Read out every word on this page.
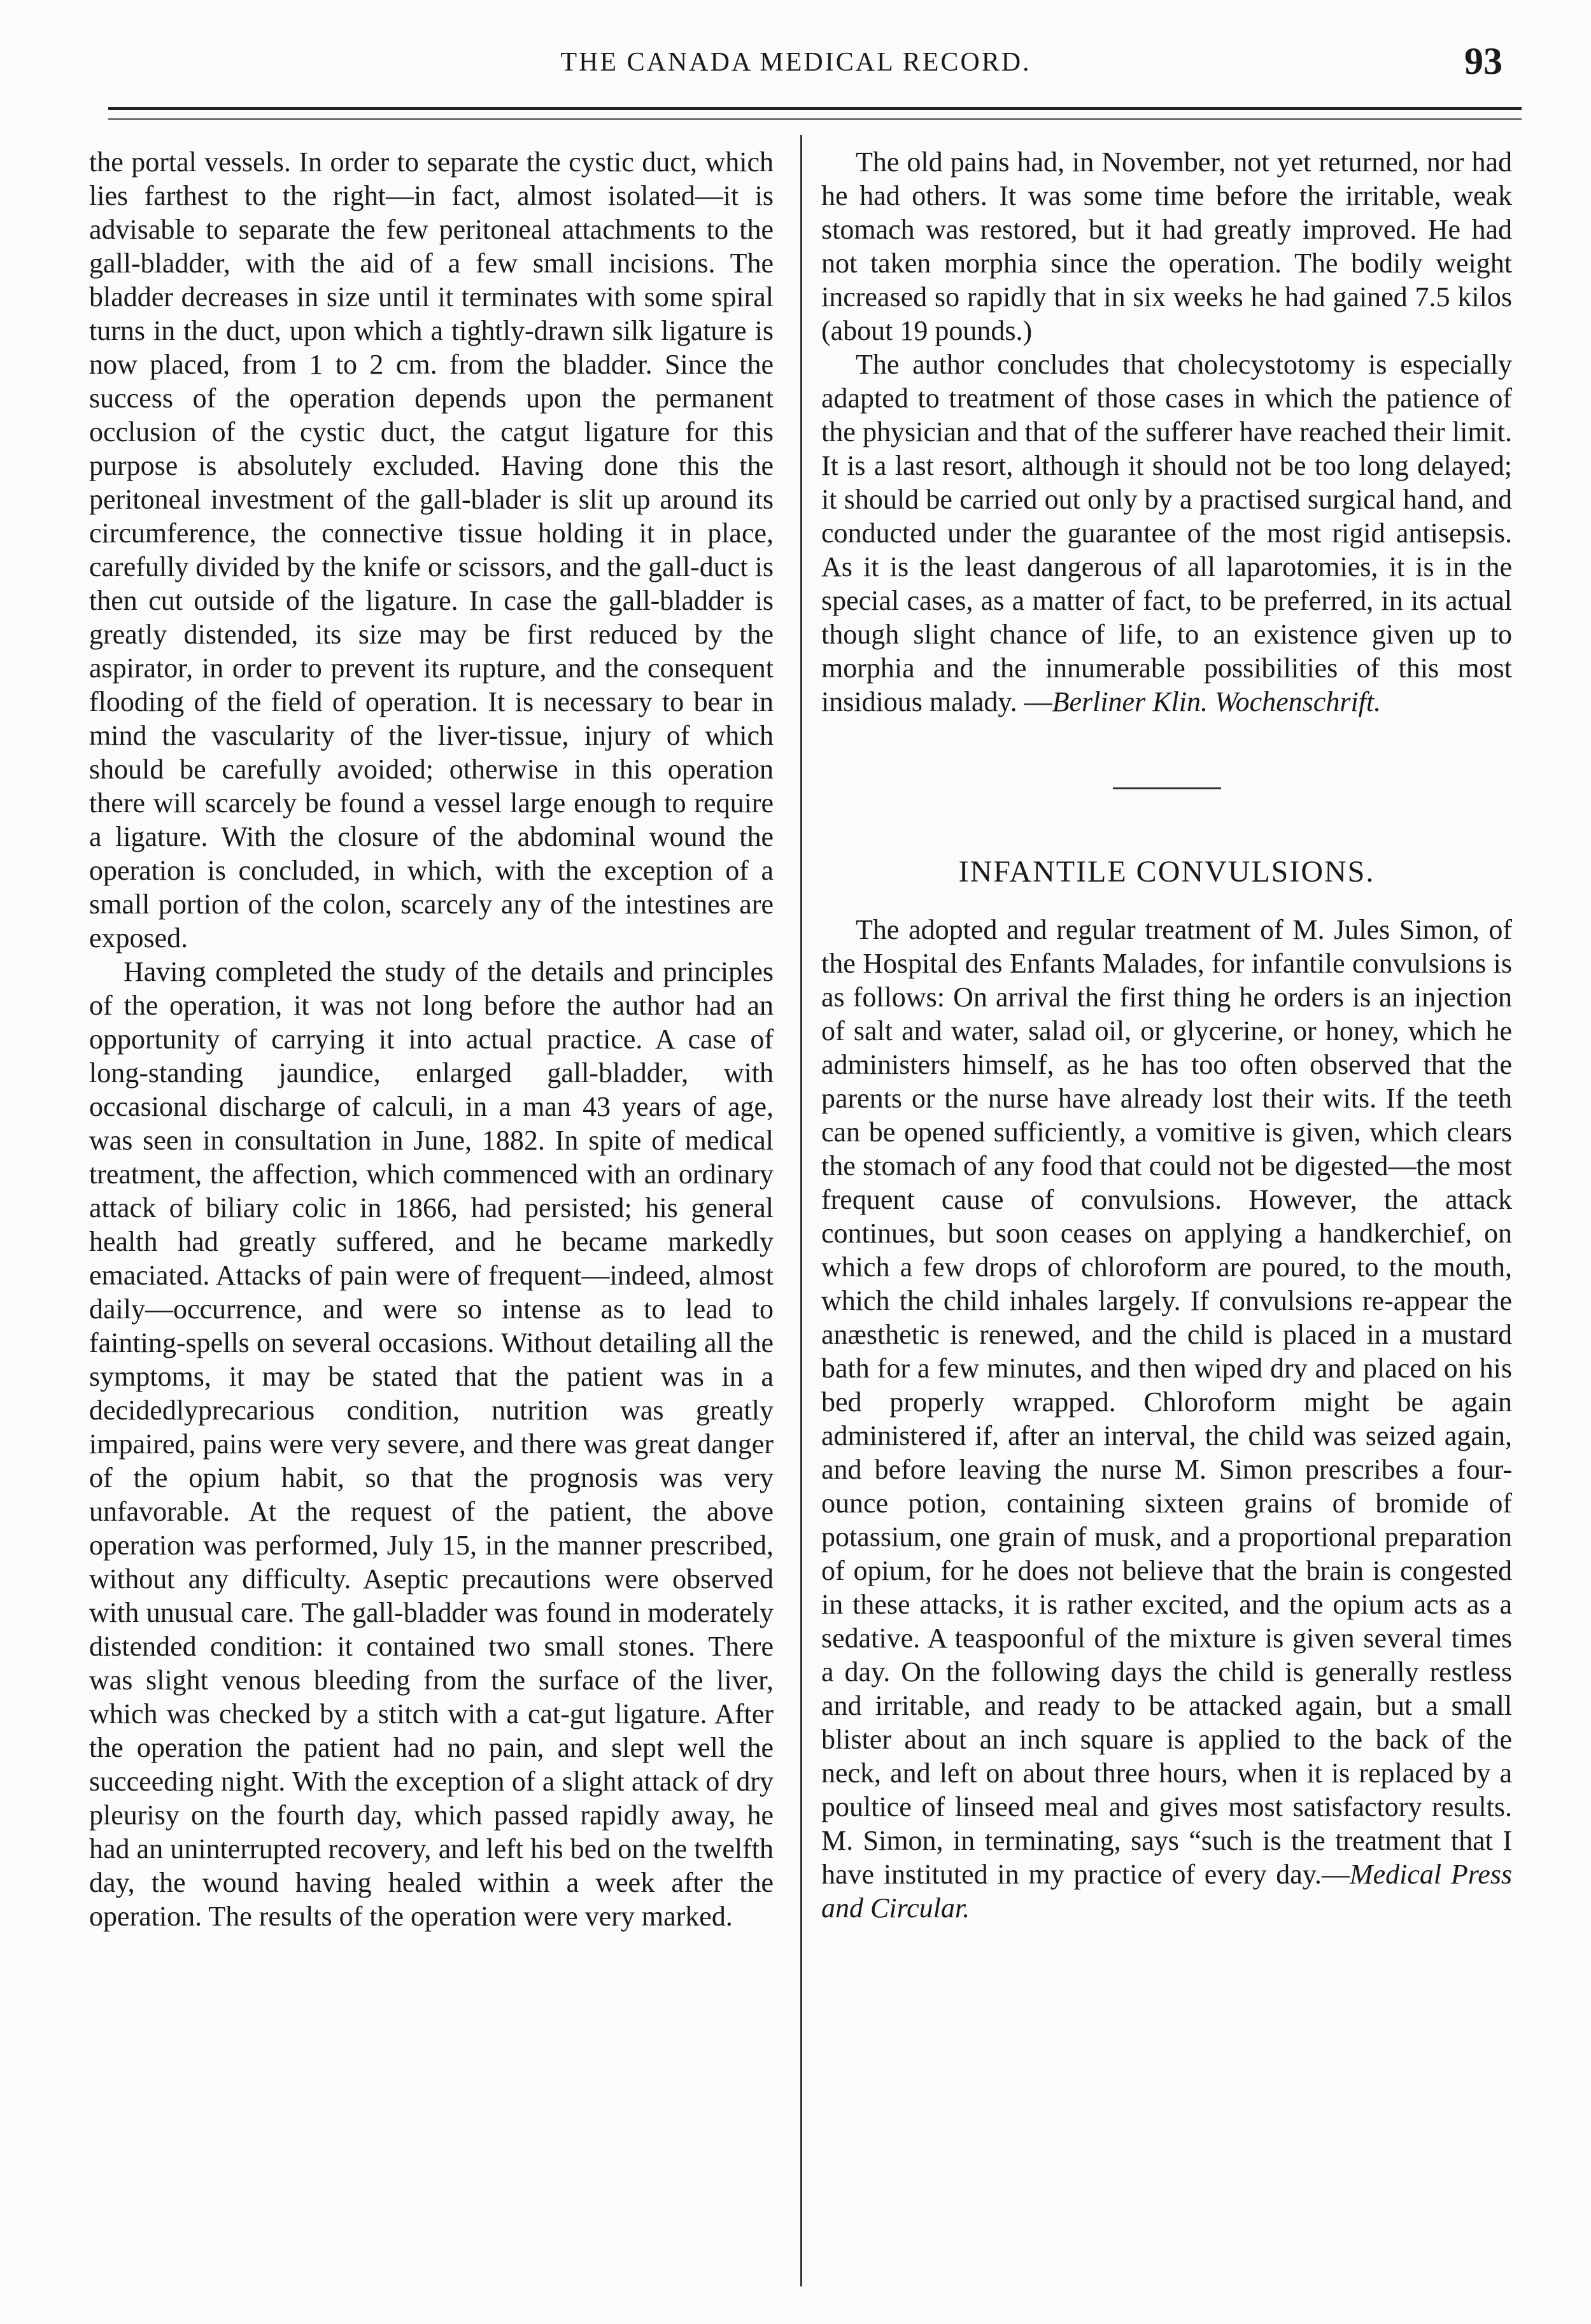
THE CANADA MEDICAL RECORD.	93

the portal vessels. In order to separate the cystic duct, which lies farthest to the right—in fact, almost isolated—it is advisable to separate the few peritoneal attachments to the gall-bladder, with the aid of a few small incisions. The bladder decreases in size until it terminates with some spiral turns in the duct, upon which a tightly-drawn silk ligature is now placed, from 1 to 2 cm. from the bladder. Since the success of the operation depends upon the permanent occlusion of the cystic duct, the catgut ligature for this purpose is absolutely excluded. Having done this the peritoneal investment of the gall-blader is slit up around its circumference, the connective tissue holding it in place, carefully divided by the knife or scissors, and the gall-duct is then cut outside of the ligature. In case the gall-bladder is greatly distended, its size may be first reduced by the aspirator, in order to prevent its rupture, and the consequent flooding of the field of operation. It is necessary to bear in mind the vascularity of the liver-tissue, injury of which should be carefully avoided; otherwise in this operation there will scarcely be found a vessel large enough to require a ligature. With the closure of the abdominal wound the operation is concluded, in which, with the exception of a small portion of the colon, scarcely any of the intestines are exposed.

Having completed the study of the details and principles of the operation, it was not long before the author had an opportunity of carrying it into actual practice. A case of long-standing jaundice, enlarged gall-bladder, with occasional discharge of calculi, in a man 43 years of age, was seen in consultation in June, 1882. In spite of medical treatment, the affection, which commenced with an ordinary attack of biliary colic in 1866, had persisted; his general health had greatly suffered, and he became markedly emaciated. Attacks of pain were of frequent—indeed, almost daily—occurrence, and were so intense as to lead to fainting-spells on several occasions. Without detailing all the symptoms, it may be stated that the patient was in a decidedlyprecarious condition, nutrition was greatly impaired, pains were very severe, and there was great danger of the opium habit, so that the prognosis was very unfavorable. At the request of the patient, the above operation was performed, July 15, in the manner prescribed, without any difficulty. Aseptic precautions were observed with unusual care. The gall-bladder was found in moderately distended condition: it contained two small stones. There was slight venous bleeding from the surface of the liver, which was checked by a stitch with a cat-gut ligature. After the operation the patient had no pain, and slept well the succeeding night. With the exception of a slight attack of dry pleurisy on the fourth day, which passed rapidly away, he had an uninterrupted recovery, and left his bed on the twelfth day, the wound having healed within a week after the operation. The results of the operation were very marked.

The old pains had, in November, not yet returned, nor had he had others. It was some time before the irritable, weak stomach was restored, but it had greatly improved. He had not taken morphia since the operation. The bodily weight increased so rapidly that in six weeks he had gained 7.5 kilos (about 19 pounds.)

The author concludes that cholecystotomy is especially adapted to treatment of those cases in which the patience of the physician and that of the sufferer have reached their limit. It is a last resort, although it should not be too long delayed; it should be carried out only by a practised surgical hand, and conducted under the guarantee of the most rigid antisepsis. As it is the least dangerous of all laparotomies, it is in the special cases, as a matter of fact, to be preferred, in its actual though slight chance of life, to an existence given up to morphia and the innumerable possibilities of this most insidious malady. —Berliner Klin. Wochenschrift.

INFANTILE CONVULSIONS.

The adopted and regular treatment of M. Jules Simon, of the Hospital des Enfants Malades, for infantile convulsions is as follows: On arrival the first thing he orders is an injection of salt and water, salad oil, or glycerine, or honey, which he administers himself, as he has too often observed that the parents or the nurse have already lost their wits. If the teeth can be opened sufficiently, a vomitive is given, which clears the stomach of any food that could not be digested—the most frequent cause of convulsions. However, the attack continues, but soon ceases on applying a handkerchief, on which a few drops of chloroform are poured, to the mouth, which the child inhales largely. If convulsions re-appear the anæsthetic is renewed, and the child is placed in a mustard bath for a few minutes, and then wiped dry and placed on his bed properly wrapped. Chloroform might be again administered if, after an interval, the child was seized again, and before leaving the nurse M. Simon prescribes a four-ounce potion, containing sixteen grains of bromide of potassium, one grain of musk, and a proportional preparation of opium, for he does not believe that the brain is congested in these attacks, it is rather excited, and the opium acts as a sedative. A teaspoonful of the mixture is given several times a day. On the following days the child is generally restless and irritable, and ready to be attacked again, but a small blister about an inch square is applied to the back of the neck, and left on about three hours, when it is replaced by a poultice of linseed meal and gives most satisfactory results. M. Simon, in terminating, says “such is the treatment that I have instituted in my practice of every day.—Medical Press and Circular.
